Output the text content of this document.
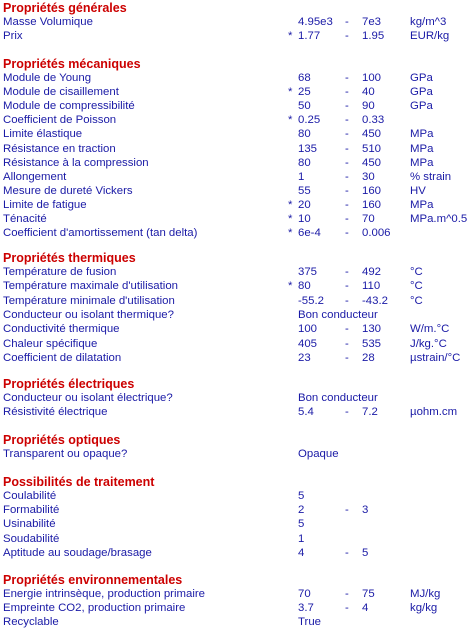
Propriétés générales
Masse Volumique	4.95e3 - 7e3	kg/m^3
Prix	* 1.77 - 1.95 EUR/kg
Propriétés mécaniques
Module de Young	68	- 100	GPa
Module de cisaillement	* 25	- 40	GPa
Module de compressibilité	50	- 90	GPa
Coefficient de Poisson	* 0.25 - 0.33
Limite élastique	80	- 450	MPa
Résistance en traction	135 - 510	MPa
Résistance à la compression	80	- 450	MPa
Allongement	1	- 30	% strain
Mesure de dureté Vickers	55	- 160	HV
Limite de fatigue	* 20	- 160	MPa
Ténacité	* 10	- 70	MPa.m^0.5
Coefficient d'amortissement (tan delta)	* 6e-4 - 0.006
Propriétés thermiques
Température de fusion	375 - 492	°C
Température maximale d'utilisation	* 80	- 110	°C
Température minimale d'utilisation	-55.2 - -43.2 °C
Conducteur ou isolant thermique?	Bon conducteur
Conductivité thermique	100 - 130	W/m.°C
Chaleur spécifique	405 - 535	J/kg.°C
Coefficient de dilatation	23	- 28	µstrain/°C
Propriétés électriques
Conducteur ou isolant électrique?	Bon conducteur
Résistivité électrique	5.4	- 7.2	µohm.cm
Propriétés optiques
Transparent ou opaque?	Opaque
Possibilités de traitement
Coulabilité	5
Formabilité	2	- 3
Usinabilité	5
Soudabilité	1
Aptitude au soudage/brasage	4	- 5
Propriétés environnementales
Energie intrinsèque, production primaire	70	- 75	MJ/kg
Empreinte CO2, production primaire	3.7	- 4	kg/kg
Recyclable	True
